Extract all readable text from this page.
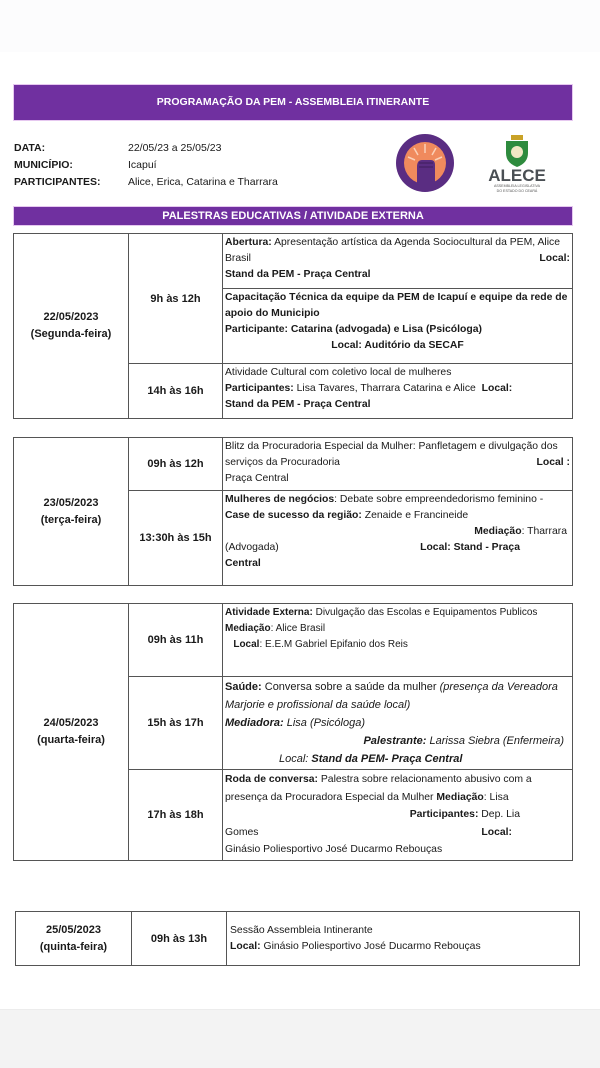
PROGRAMAÇÃO DA PEM - ASSEMBLEIA ITINERANTE
DATA:	22/05/23 a 25/05/23
MUNICÍPIO:	Icapuí
PARTICIPANTES:	Alice, Erica, Catarina e Tharrara	ALECE
ASSEMBLEIA LEGISLATIVA
DO ESTADO DO CEARÁ
PALESTRAS EDUCATIVAS / ATIVIDADE EXTERNA
22/05/2023
(Segunda-feira)	9h às 12h	Abertura: Apresentação artística da Agenda Sociocultural da PEM, Alice Brasil Local:
Stand da PEM - Praça Central
		Capacitação Técnica da equipe da PEM de Icapuí e equipe da rede de apoio do Municipio
Participante: Catarina (advogada) e Lisa (Psicóloga)
Local: Auditório da SECAF

	14h às 16h	Atividade Cultural com coletivo local de mulheres
Participantes: Lisa Tavares, Tharrara Catarina e Alice Local:
Stand da PEM - Praça Central
23/05/2023
(terça-feira)	09h às 12h	Blitz da Procuradoria Especial da Mulher: Panfletagem e divulgação dos serviços da Procuradoria Local :
Praça Central
	13:30h às 15h	Mulheres de negócios: Debate sobre empreendedorismo feminino - Case de sucesso da região: Zenaide e Francineide
Mediação: Tharrara
(Advogada) Local: Stand - Praça
Central
24/05/2023
(quarta-feira)	09h às 11h	Atividade Externa: Divulgação das Escolas e Equipamentos Publicos
Mediação: Alice Brasil
Local: E.E.M Gabriel Epifanio dos Reis
	15h às 17h	Saúde: Conversa sobre a saúde da mulher (presença da Vereadora Marjorie e profissional da saúde local)
Mediadora: Lisa (Psicóloga)
Palestrante: Larissa Siebra (Enfermeira)
Local: Stand da PEM- Praça Central

	17h às 18h	Roda de conversa: Palestra sobre relacionamento abusivo com a presença da Procuradora Especial da Mulher Mediação: Lisa
Participantes: Dep. Lia
Gomes Local:
Ginásio Poliesportivo José Ducarmo Rebouças
25/05/2023
(quinta-feira)	09h às 13h	Sessão Assembleia Intinerante
Local: Ginásio Poliesportivo José Ducarmo Rebouças
